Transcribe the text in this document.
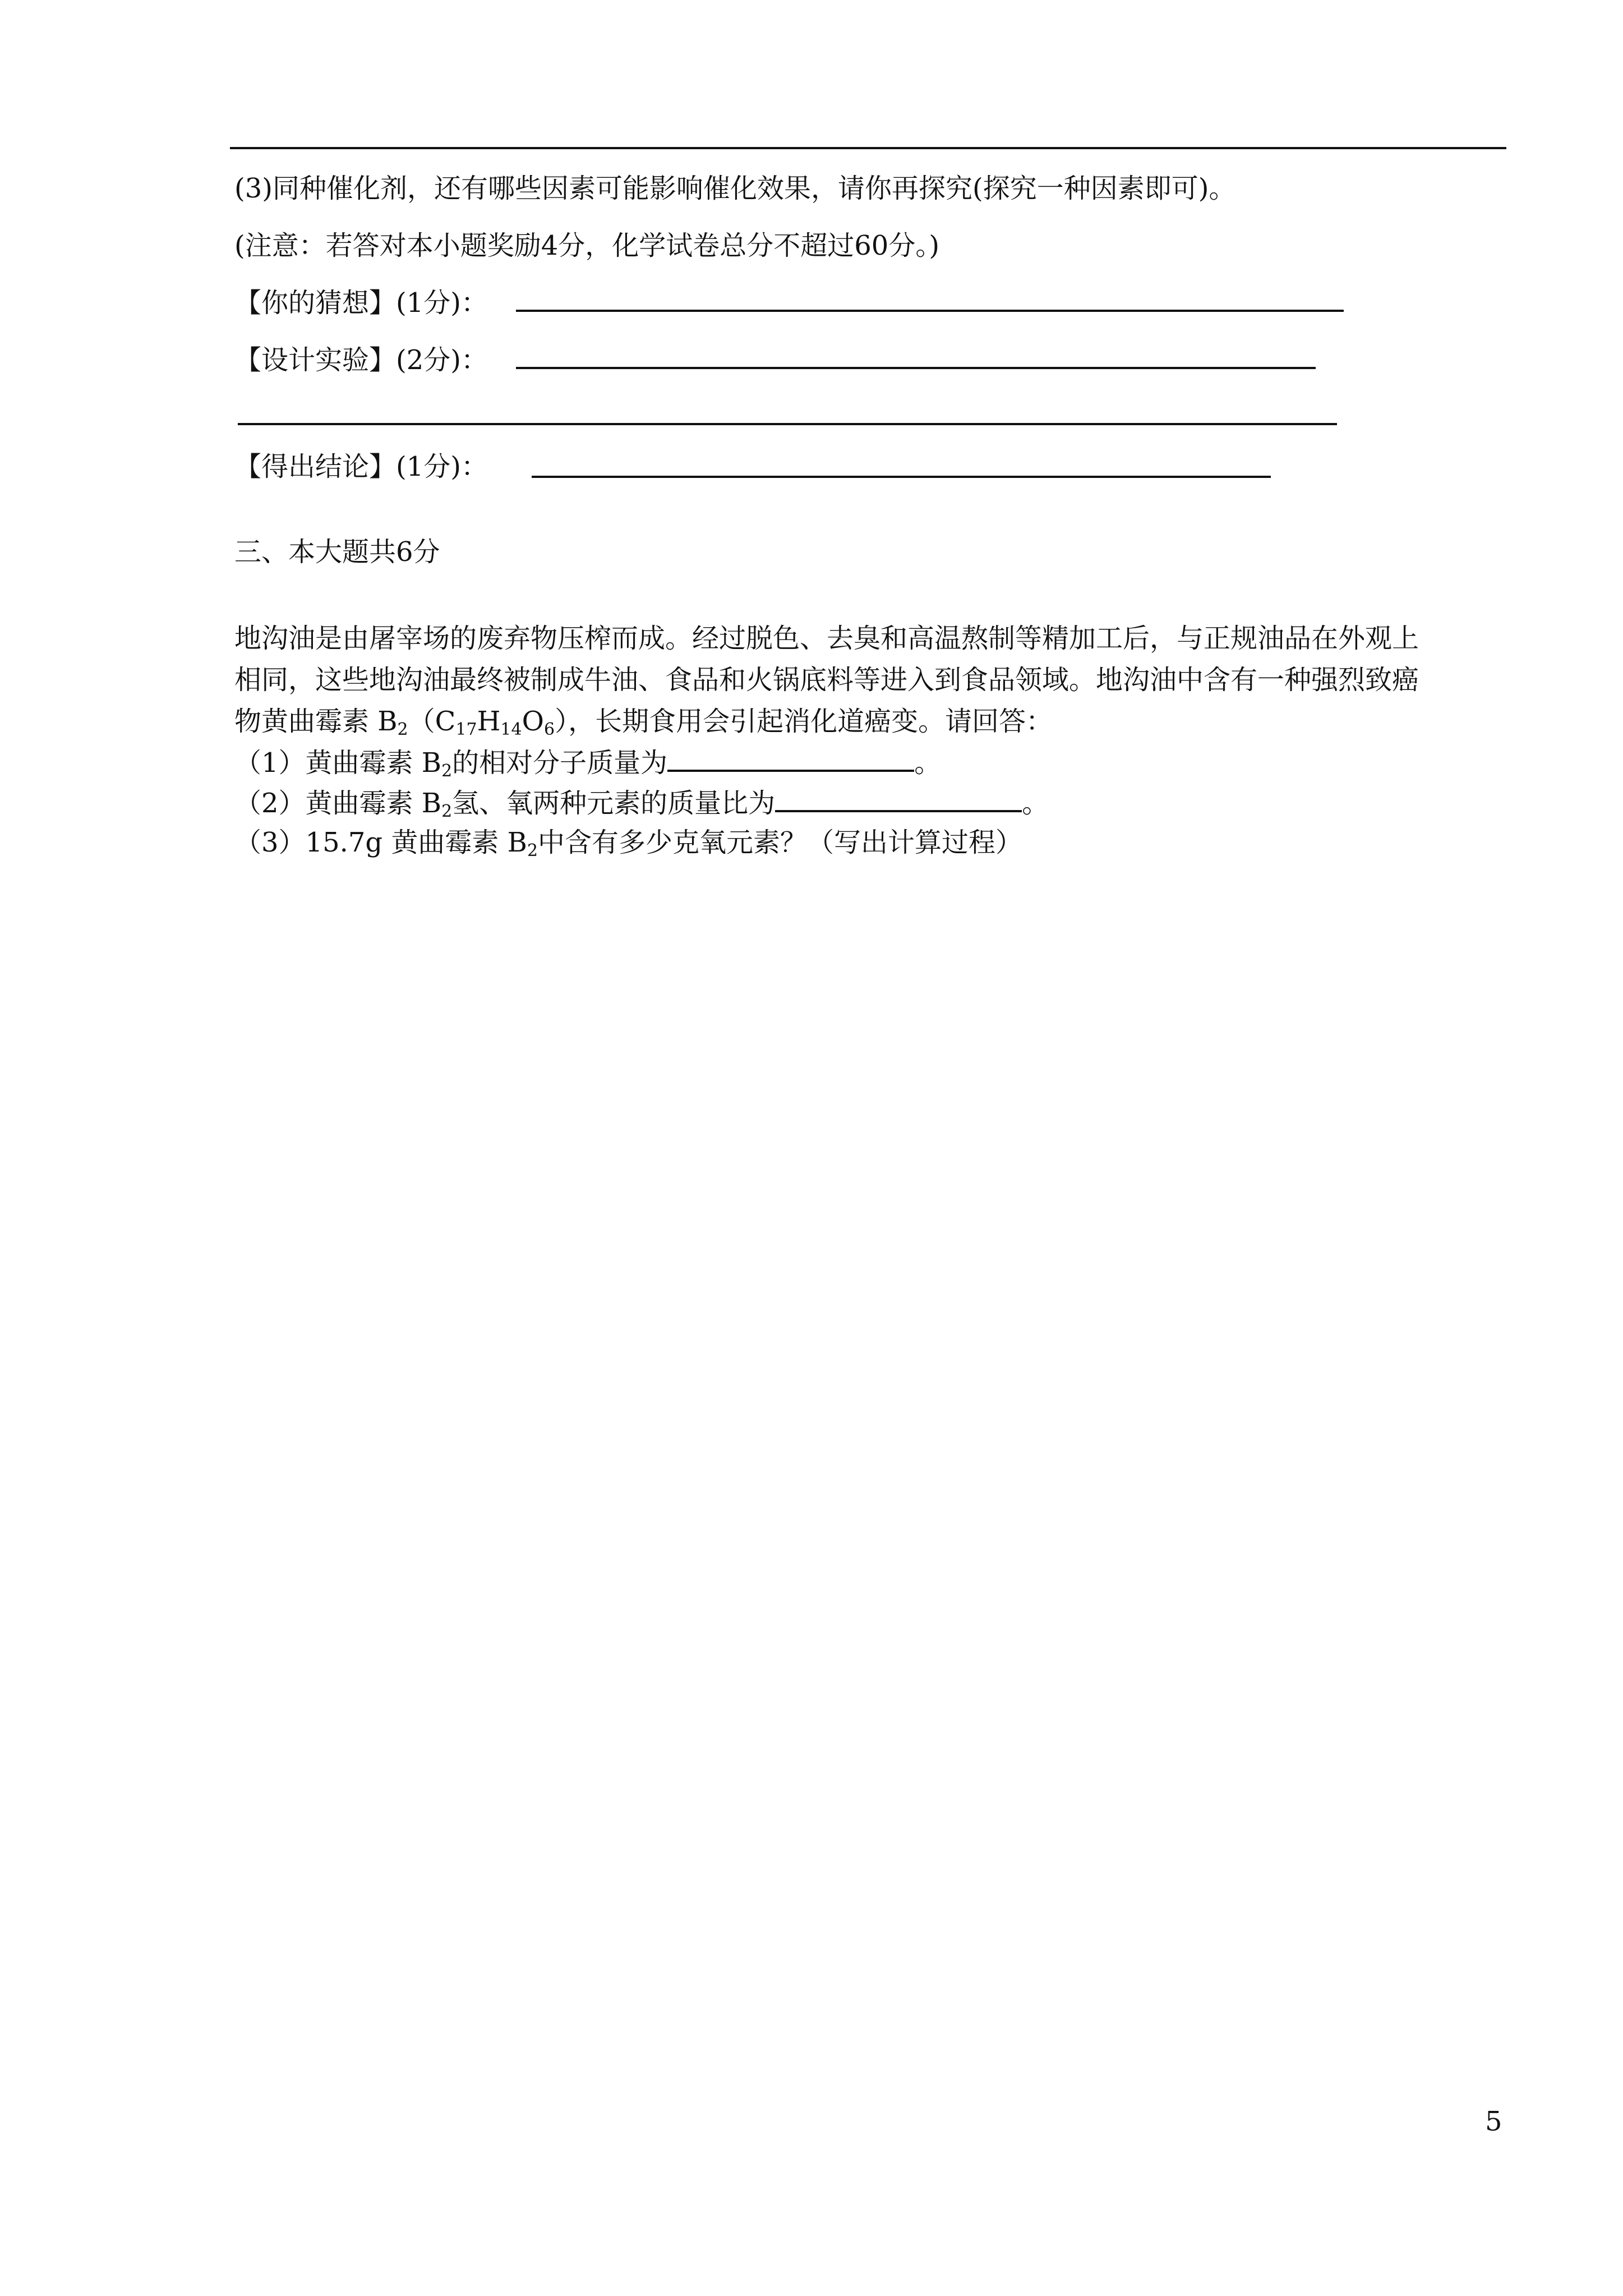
(3)同种催化剂，还有哪些因素可能影响催化效果，请你再探究(探究一种因素即可)。
(注意：若答对本小题奖励4分，化学试卷总分不超过60分。)
【你的猜想】(1分)：
【设计实验】(2分)：
【得出结论】(1分)：
三、本大题共6分
地沟油是由屠宰场的废弃物压榨而成。经过脱色、去臭和高温熬制等精加工后，与正规油品在外观上
相同，这些地沟油最终被制成牛油、食品和火锅底料等进入到食品领域。地沟油中含有一种强烈致癌
物黄曲霉素 $B_2(C_{17}H_{14}O_6)$，长期食用会引起消化道癌变。请回答：
（1）黄曲霉素 $B_2$的相对分子质量为	。
（2）黄曲霉素 $B_2$氢、氧两种元素的质量比为	。
（3）15.7g 黄曲霉素 $B_2$中含有多少克氧元素？（写出计算过程）
5
